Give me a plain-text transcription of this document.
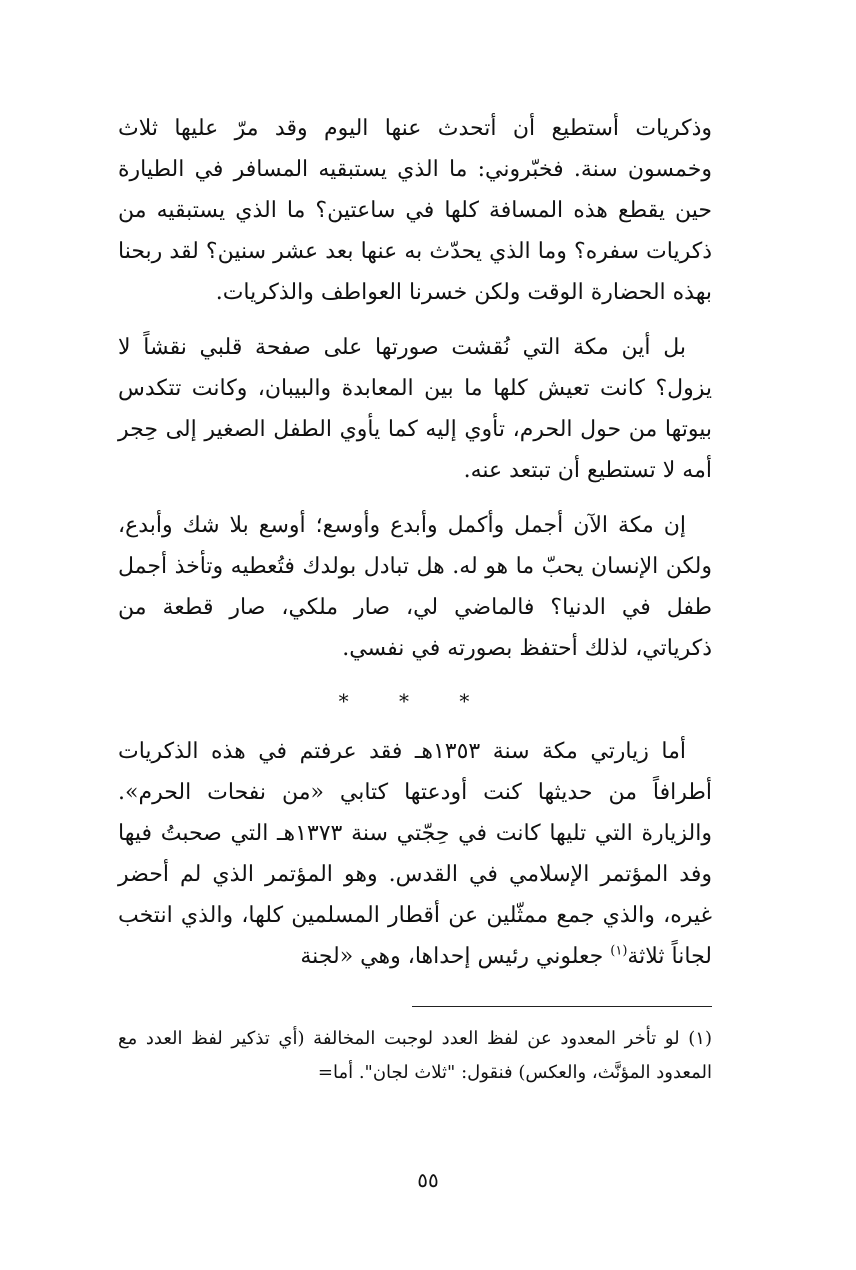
وذكريات أستطيع أن أتحدث عنها اليوم وقد مرّ عليها ثلاث وخمسون سنة. فخبّروني: ما الذي يستبقيه المسافر في الطيارة حين يقطع هذه المسافة كلها في ساعتين؟ ما الذي يستبقيه من ذكريات سفره؟ وما الذي يحدّث به عنها بعد عشر سنين؟ لقد ربحنا بهذه الحضارة الوقت ولكن خسرنا العواطف والذكريات.

بل أين مكة التي نُقشت صورتها على صفحة قلبي نقشاً لا يزول؟ كانت تعيش كلها ما بين المعابدة والبيبان، وكانت تتكدس بيوتها من حول الحرم، تأوي إليه كما يأوي الطفل الصغير إلى حِجر أمه لا تستطيع أن تبتعد عنه.

إن مكة الآن أجمل وأكمل وأبدع وأوسع؛ أوسع بلا شك وأبدع، ولكن الإنسان يحبّ ما هو له. هل تبادل بولدك فتُعطيه وتأخذ أجمل طفل في الدنيا؟ فالماضي لي، صار ملكي، صار قطعة من ذكرياتي، لذلك أحتفظ بصورته في نفسي.

* * *

أما زيارتي مكة سنة ١٣٥٣هـ فقد عرفتم في هذه الذكريات أطرافاً من حديثها كنت أودعتها كتابي «من نفحات الحرم». والزيارة التي تليها كانت في حِجّتي سنة ١٣٧٣هـ التي صحبتُ فيها وفد المؤتمر الإسلامي في القدس. وهو المؤتمر الذي لم أحضر غيره، والذي جمع ممثّلين عن أقطار المسلمين كلها، والذي انتخب لجاناً ثلاثة$^{(١)}$ جعلوني رئيس إحداها، وهي «لجنة

(١) لو تأخر المعدود عن لفظ العدد لوجبت المخالفة (أي تذكير لفظ العدد مع المعدود المؤنَّث، والعكس) فنقول: "ثلاث لجان". أما=

٥٥
